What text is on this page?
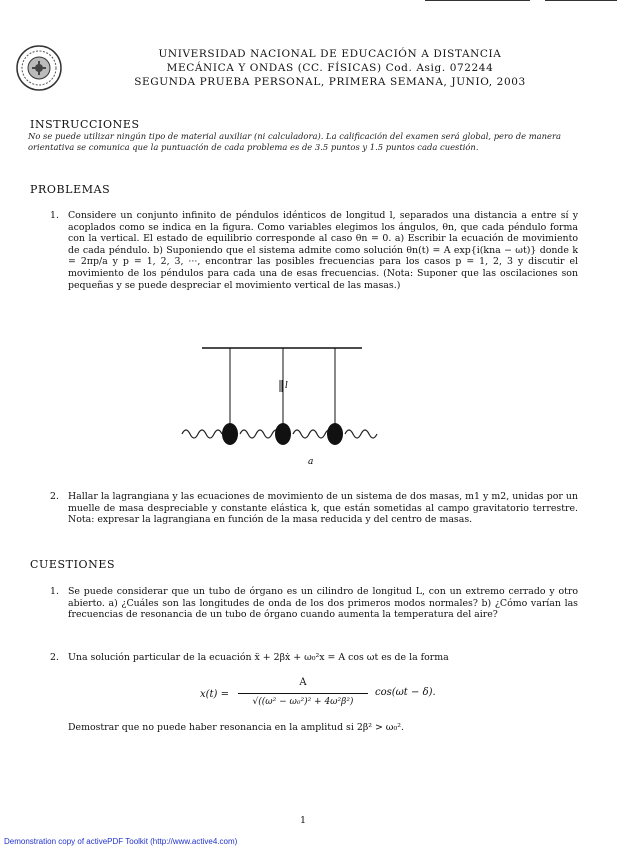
UNIVERSIDAD NACIONAL DE EDUCACIÓN A DISTANCIA
MECÁNICA Y ONDAS (CC. FÍSICAS) Cod. Asig. 072244
SEGUNDA PRUEBA PERSONAL, PRIMERA SEMANA, JUNIO, 2003
INSTRUCCIONES
No se puede utilizar ningún tipo de material auxiliar (ni calculadora). La calificación del examen será global, pero de manera orientativa se comunica que la puntuación de cada problema es de 3.5 puntos y 1.5 puntos cada cuestión.
PROBLEMAS
1. Considere un conjunto infinito de péndulos idénticos de longitud l, separados una distancia a entre sí y acoplados como se indica en la figura. Como variables elegimos los ángulos, θn, que cada péndulo forma con la vertical. El estado de equilibrio corresponde al caso θn = 0. a) Escribir la ecuación de movimiento de cada péndulo. b) Suponiendo que el sistema admite como solución θn(t) = A exp{i(kna − ωt)} donde k = 2πp/a y p = 1, 2, 3, ···, encontrar las posibles frecuencias para los casos p = 1, 2, 3 y discutir el movimiento de los péndulos para cada una de esas frecuencias. (Nota: Suponer que las oscilaciones son pequeñas y se puede despreciar el movimiento vertical de las masas.)
l
a
2. Hallar la lagrangiana y las ecuaciones de movimiento de un sistema de dos masas, m1 y m2, unidas por un muelle de masa despreciable y constante elástica k, que están sometidas al campo gravitatorio terrestre. Nota: expresar la lagrangiana en función de la masa reducida y del centro de masas.
CUESTIONES
1. Se puede considerar que un tubo de órgano es un cilindro de longitud L, con un extremo cerrado y otro abierto. a) ¿Cuáles son las longitudes de onda de los dos primeros modos normales? b) ¿Cómo varían las frecuencias de resonancia de un tubo de órgano cuando aumenta la temperatura del aire?
2. Una solución particular de la ecuación ẍ + 2βẋ + ω₀²x = A cos ωt es de la forma
x(t) =
A
√((ω² − ω₀²)² + 4ω²β²)
cos(ωt − δ).
Demostrar que no puede haber resonancia en la amplitud si 2β² > ω₀².
1
Demonstration copy of activePDF Toolkit (http://www.active4.com)
